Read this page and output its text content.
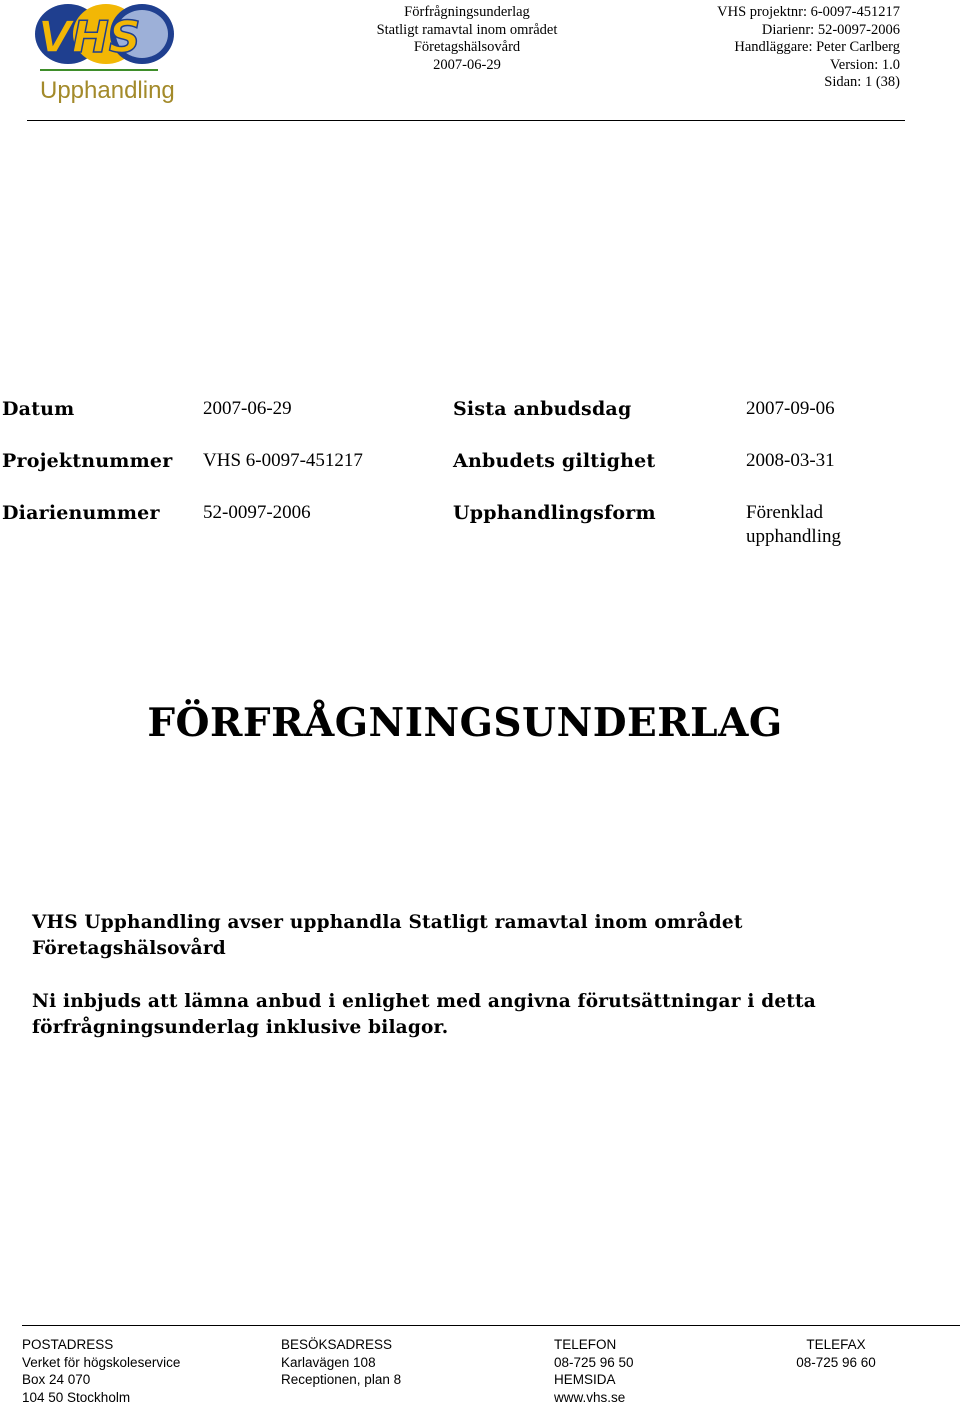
VHS
Upphandling
Förfrågningsunderlag
Statligt ramavtal inom området
Företagshälsovård
2007-06-29
VHS projektnr: 6-0097-451217
Diarienr: 52-0097-2006
Handläggare: Peter Carlberg
Version: 1.0
Sidan: 1 (38)
Datum	2007-06-29	Sista anbudsdag	2007-09-06
Projektnummer VHS 6-0097-451217	Anbudets giltighet	2008-03-31
Diarienummer 52-0097-2006	Upphandlingsform	Förenklad
upphandling
FÖRFRÅGNINGSUNDERLAG
VHS Upphandling avser upphandla Statligt ramavtal inom området
Företagshälsovård
Ni inbjuds att lämna anbud i enlighet med angivna förutsättningar i detta
förfrågningsunderlag inklusive bilagor.
POSTADRESS
Verket för högskoleservice
Box 24 070
104 50 Stockholm
BESÖKSADRESS
Karlavägen 108
Receptionen, plan 8
TELEFON
08-725 96 50
HEMSIDA
www.vhs.se
TELEFAX
08-725 96 60
